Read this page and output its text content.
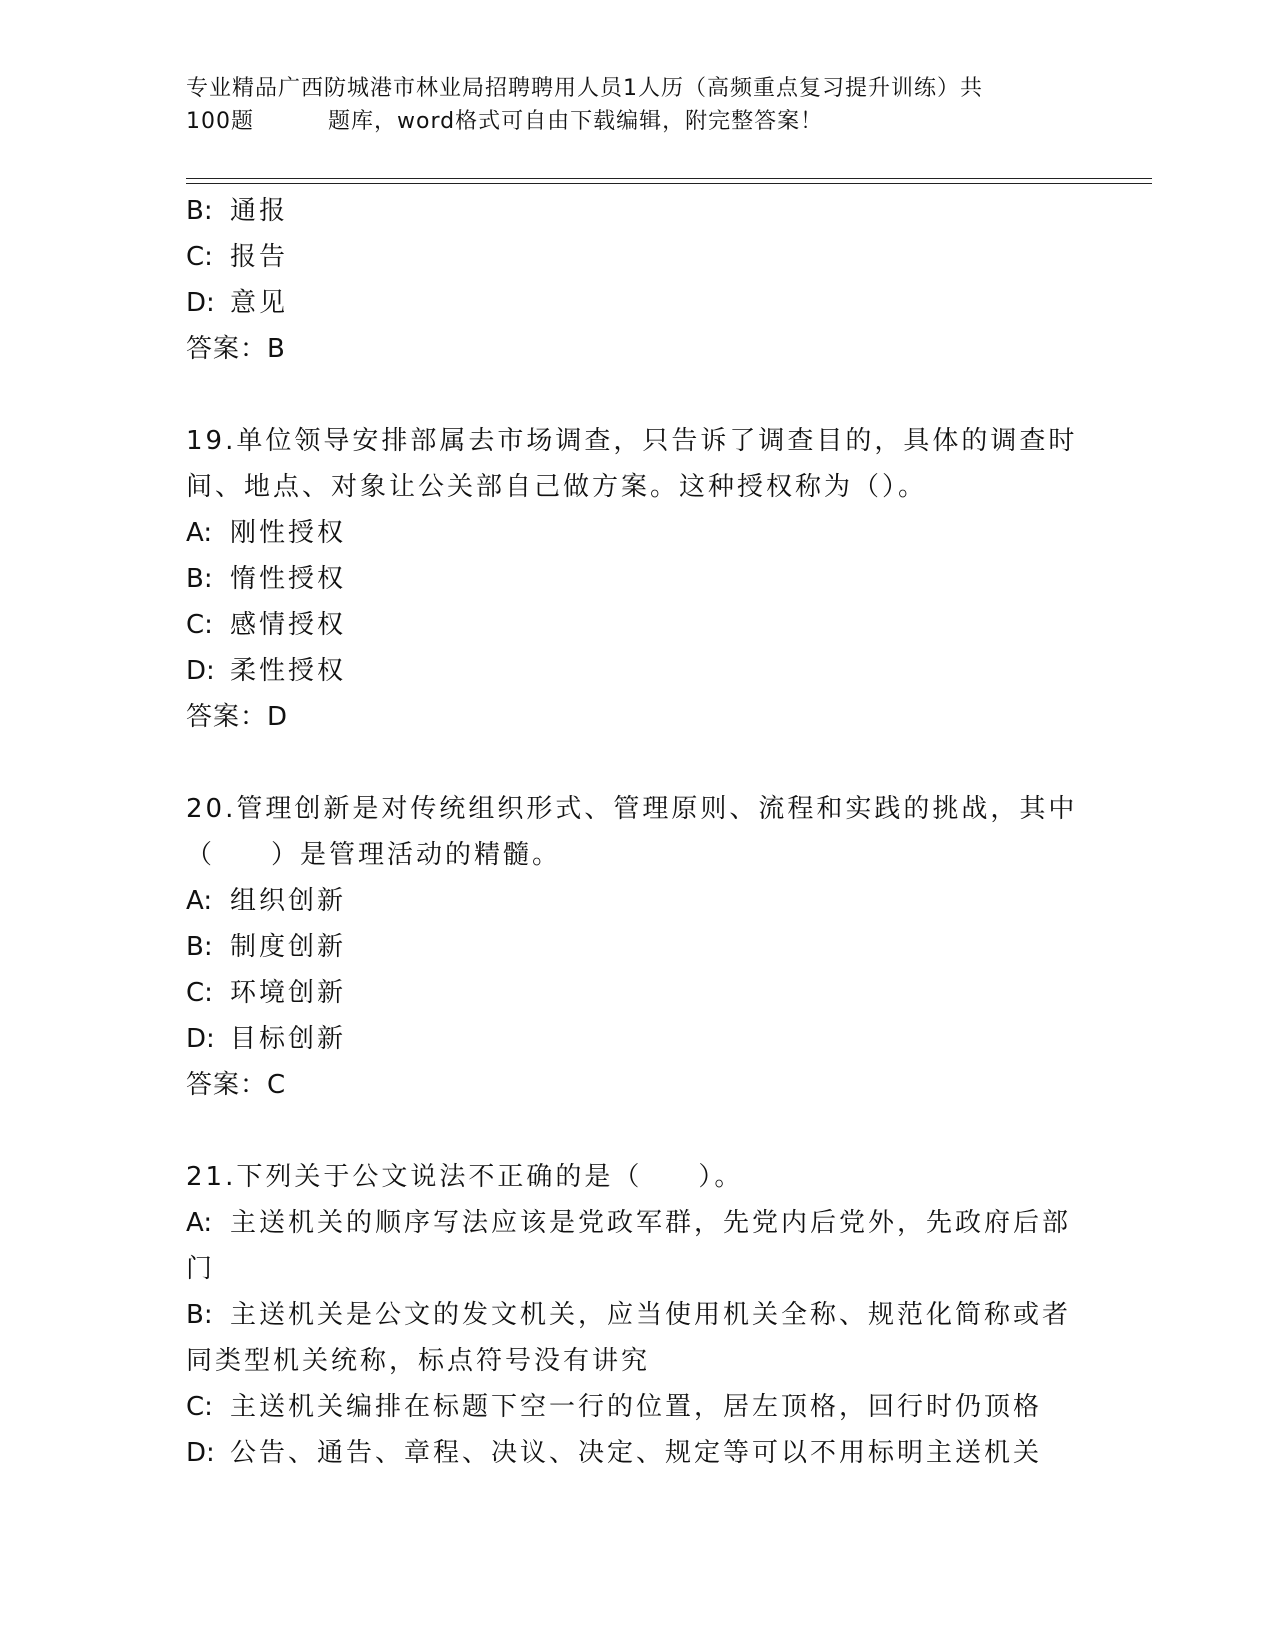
专业精品广西防城港市林业局招聘聘用人员1人历（高频重点复习提升训练）共
100题	题库，word格式可自由下载编辑，附完整答案！
B: 通报
C: 报告
D: 意见
答案：B
19.单位领导安排部属去市场调查，只告诉了调查目的，具体的调查时
间、地点、对象让公关部自己做方案。这种授权称为（）。
A: 刚性授权
B: 惰性授权
C: 感情授权
D: 柔性授权
答案：D
20.管理创新是对传统组织形式、管理原则、流程和实践的挑战，其中
（ ）是管理活动的精髓。
A: 组织创新
B: 制度创新
C: 环境创新
D: 目标创新
答案：C
21.下列关于公文说法不正确的是（ ）。
A: 主送机关的顺序写法应该是党政军群，先党内后党外，先政府后部
门
B: 主送机关是公文的发文机关，应当使用机关全称、规范化简称或者
同类型机关统称，标点符号没有讲究
C: 主送机关编排在标题下空一行的位置，居左顶格，回行时仍顶格
D: 公告、通告、章程、决议、决定、规定等可以不用标明主送机关
